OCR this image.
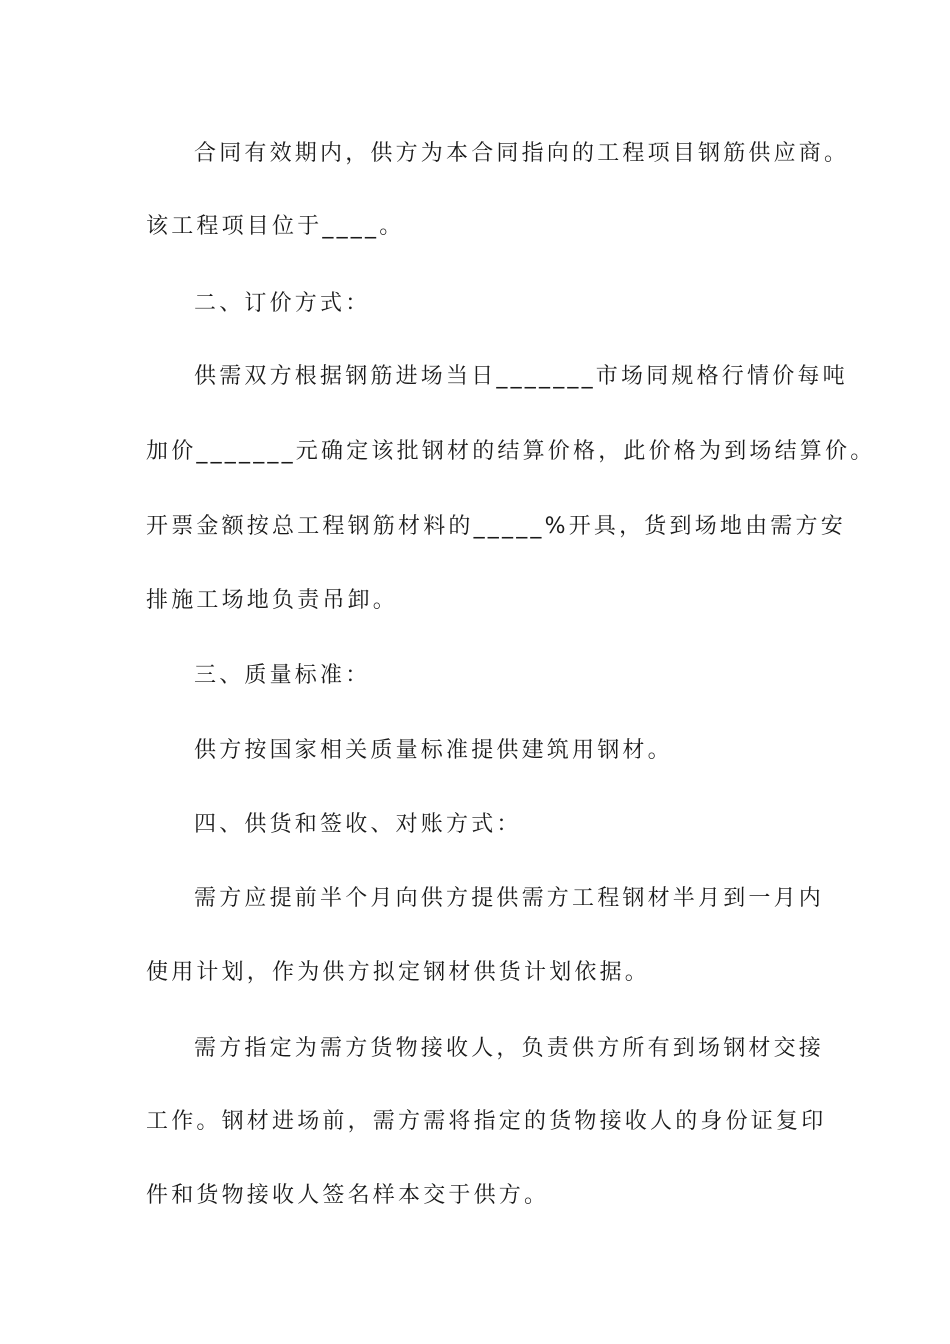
合同有效期内，供方为本合同指向的工程项目钢筋供应商。
该工程项目位于____。
二、订价方式：
供需双方根据钢筋进场当日_______市场同规格行情价每吨
加价_______元确定该批钢材的结算价格，此价格为到场结算价。
开票金额按总工程钢筋材料的_____%开具，货到场地由需方安
排施工场地负责吊卸。
三、质量标准：
供方按国家相关质量标准提供建筑用钢材。
四、供货和签收、对账方式：
需方应提前半个月向供方提供需方工程钢材半月到一月内
使用计划，作为供方拟定钢材供货计划依据。
需方指定为需方货物接收人，负责供方所有到场钢材交接
工作。钢材进场前，需方需将指定的货物接收人的身份证复印
件和货物接收人签名样本交于供方。
